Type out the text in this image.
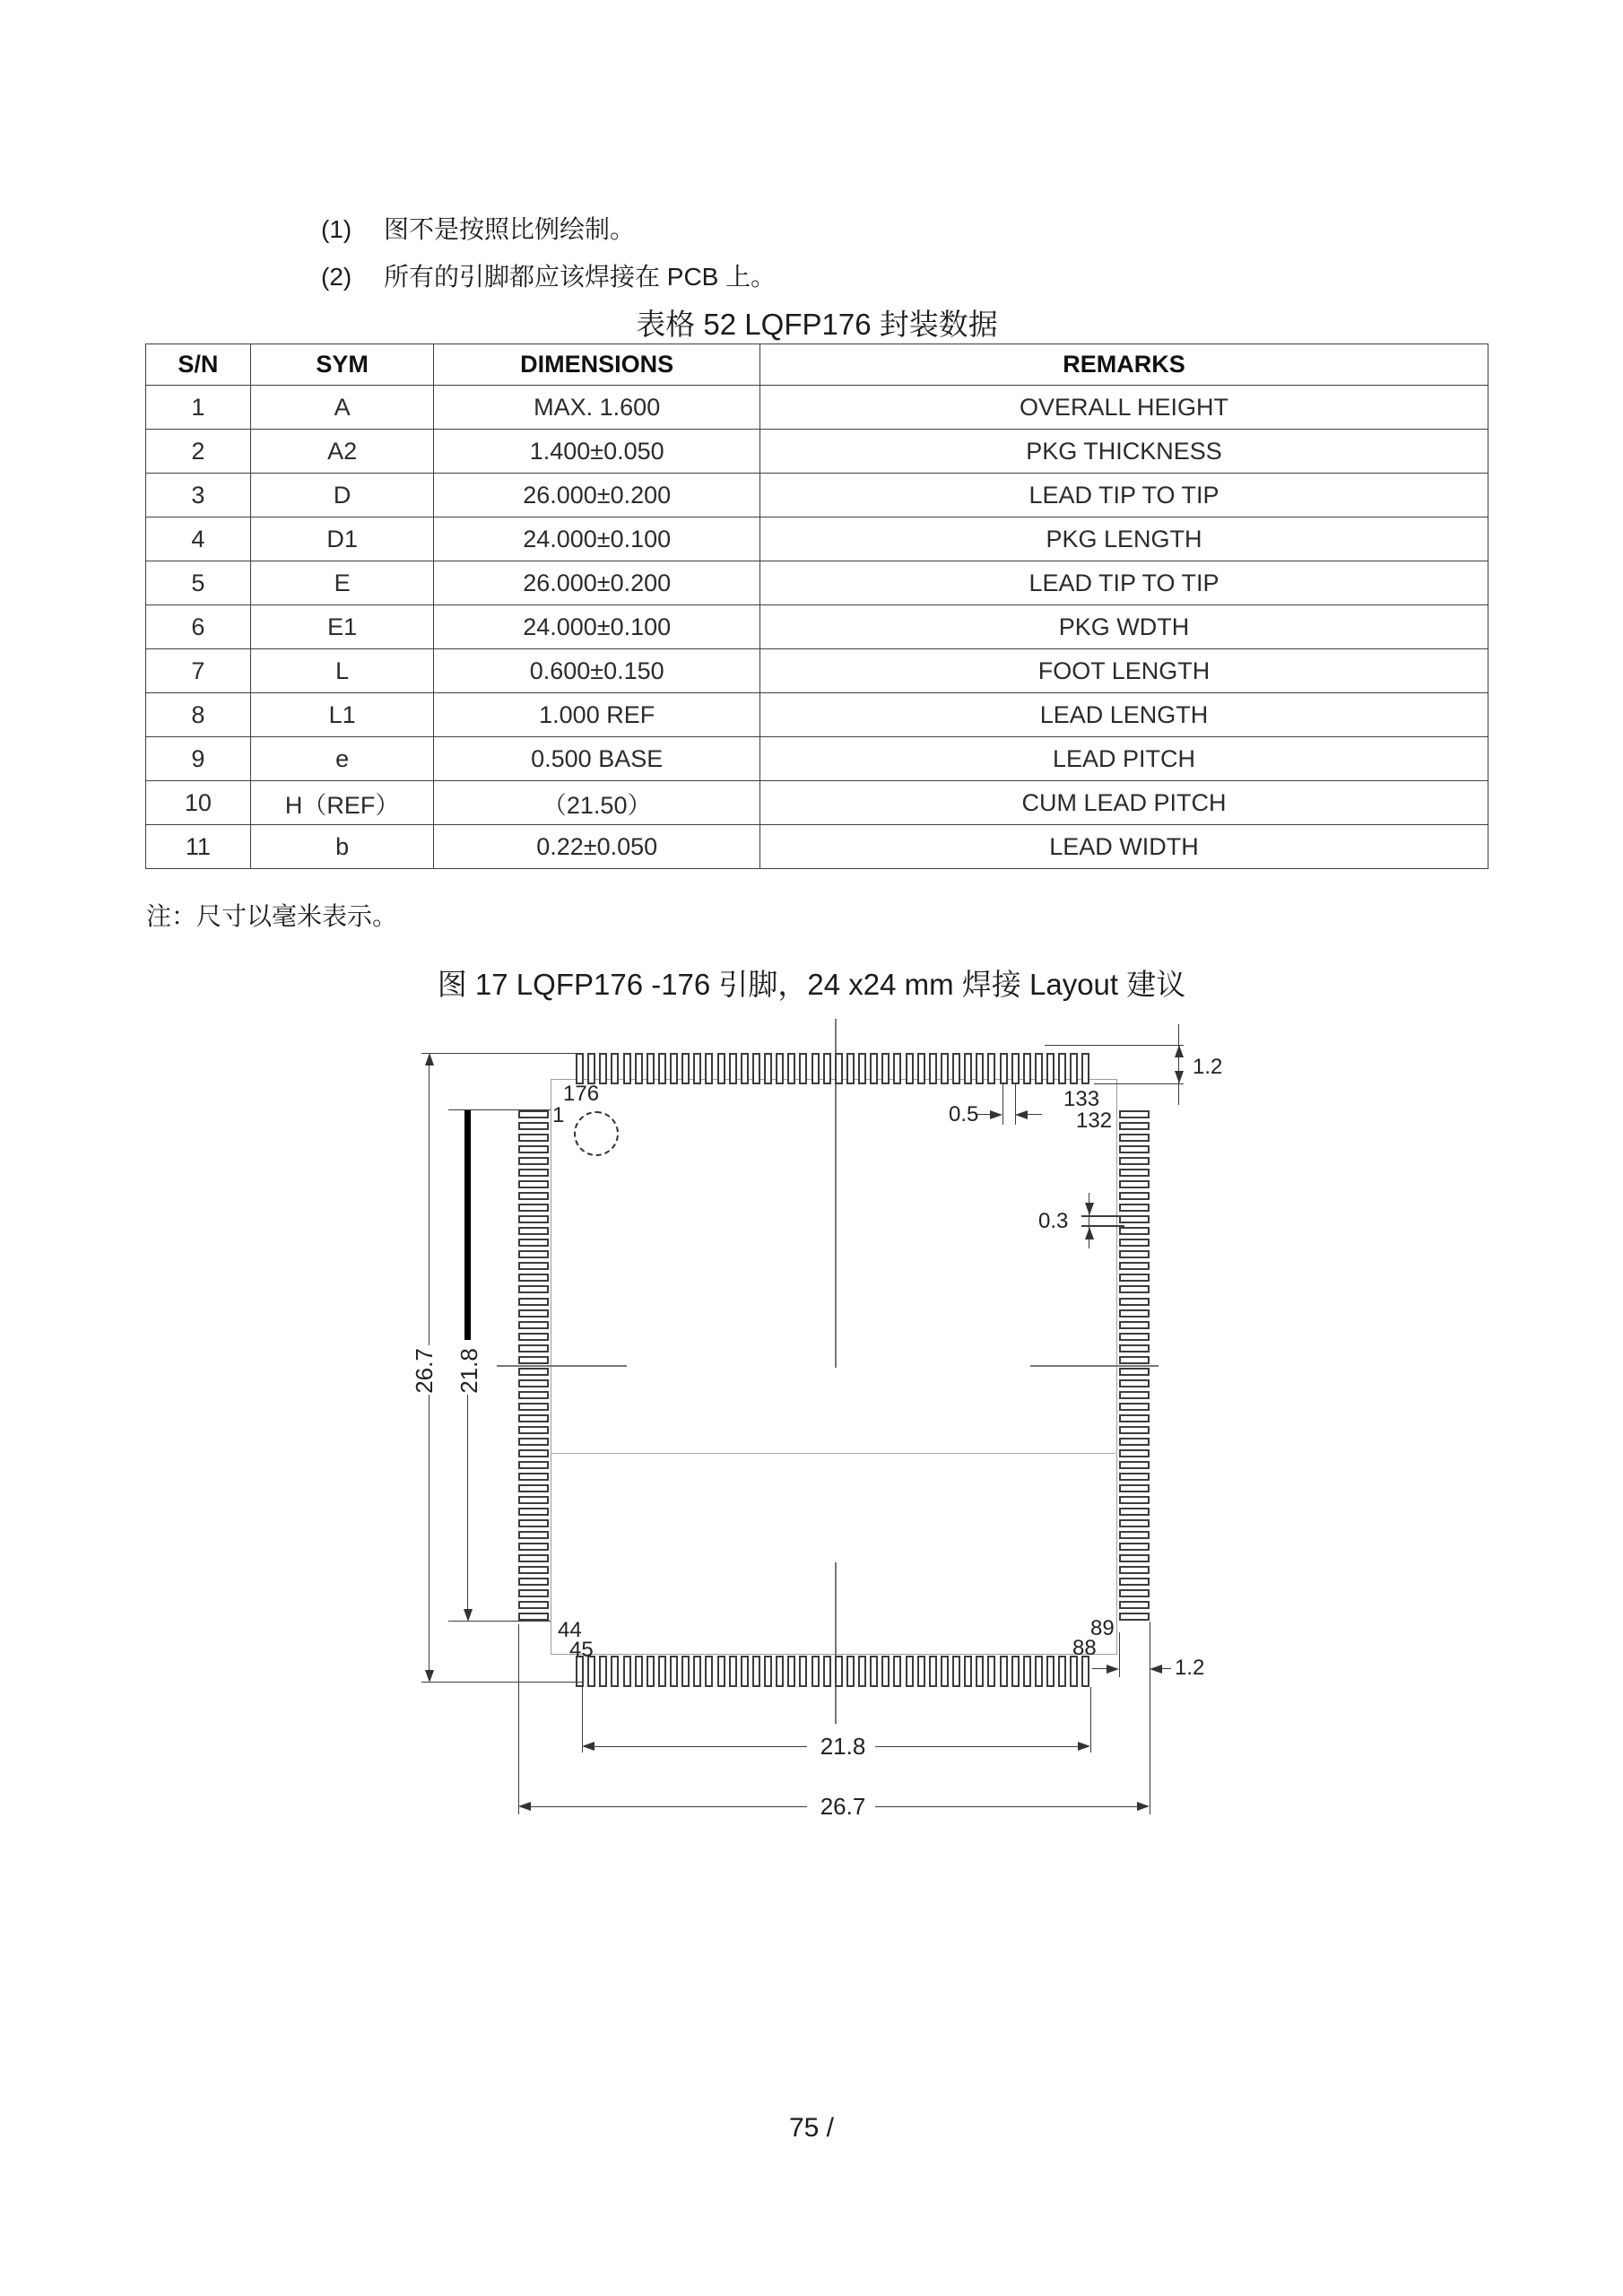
(1) 图不是按照比例绘制。
(2) 所有的引脚都应该焊接在 PCB 上。
表格 52 LQFP176 封装数据
S/N	SYM	DIMENSIONS	REMARKS
1	A	MAX. 1.600	OVERALL HEIGHT
2	A2	1.400±0.050	PKG THICKNESS
3	D	26.000±0.200	LEAD TIP TO TIP
4	D1	24.000±0.100	PKG LENGTH
5	E	26.000±0.200	LEAD TIP TO TIP
6	E1	24.000±0.100	PKG WDTH
7	L	0.600±0.150	FOOT LENGTH
8	L1	1.000 REF	LEAD LENGTH
9	e	0.500 BASE	LEAD PITCH
10	H（REF）	（21.50）	CUM LEAD PITCH
11	b	0.22±0.050	LEAD WIDTH
注：尺寸以毫米表示。
图 17 LQFP176 -176 引脚，24 x24 mm 焊接 Layout 建议
176
1
133
132
44
45
89
88
26.7 21.8
1.2
0.5
0.3
1.2
21.8
26.7
75 /
